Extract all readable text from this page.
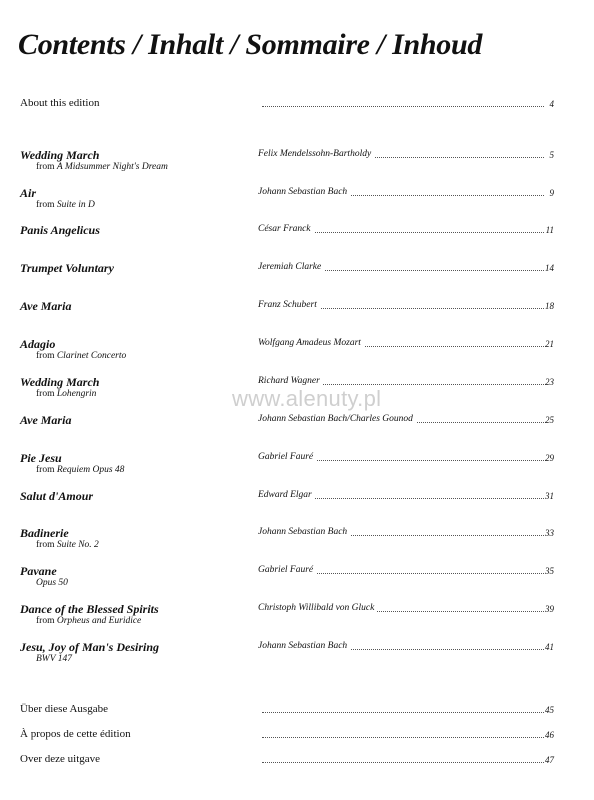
Contents / Inhalt / Sommaire / Inhoud
www.alenuty.pl
About this edition	4
Wedding March
from A Midsummer Night's Dream
Felix Mendelssohn-Bartholdy	5
Air
from Suite in D
Johann Sebastian Bach	9
Panis Angelicus	César Franck	11
Trumpet Voluntary	Jeremiah Clarke	14
Ave Maria	Franz Schubert	18
Adagio
from Clarinet Concerto
Wolfgang Amadeus Mozart	21
Wedding March
from Lohengrin
Richard Wagner	23
Ave Maria	Johann Sebastian Bach/Charles Gounod	25
Pie Jesu
from Requiem Opus 48
Gabriel Fauré	29
Salut d'Amour	Edward Elgar	31
Badinerie
from Suite No. 2
Johann Sebastian Bach	33
Pavane
Opus 50
Gabriel Fauré	35
Dance of the Blessed Spirits
from Orpheus and Euridice
Christoph Willibald von Gluck	39
Jesu, Joy of Man's Desiring
BWV 147
Johann Sebastian Bach	41
Über diese Ausgabe	45
À propos de cette édition	46
Over deze uitgave	47
